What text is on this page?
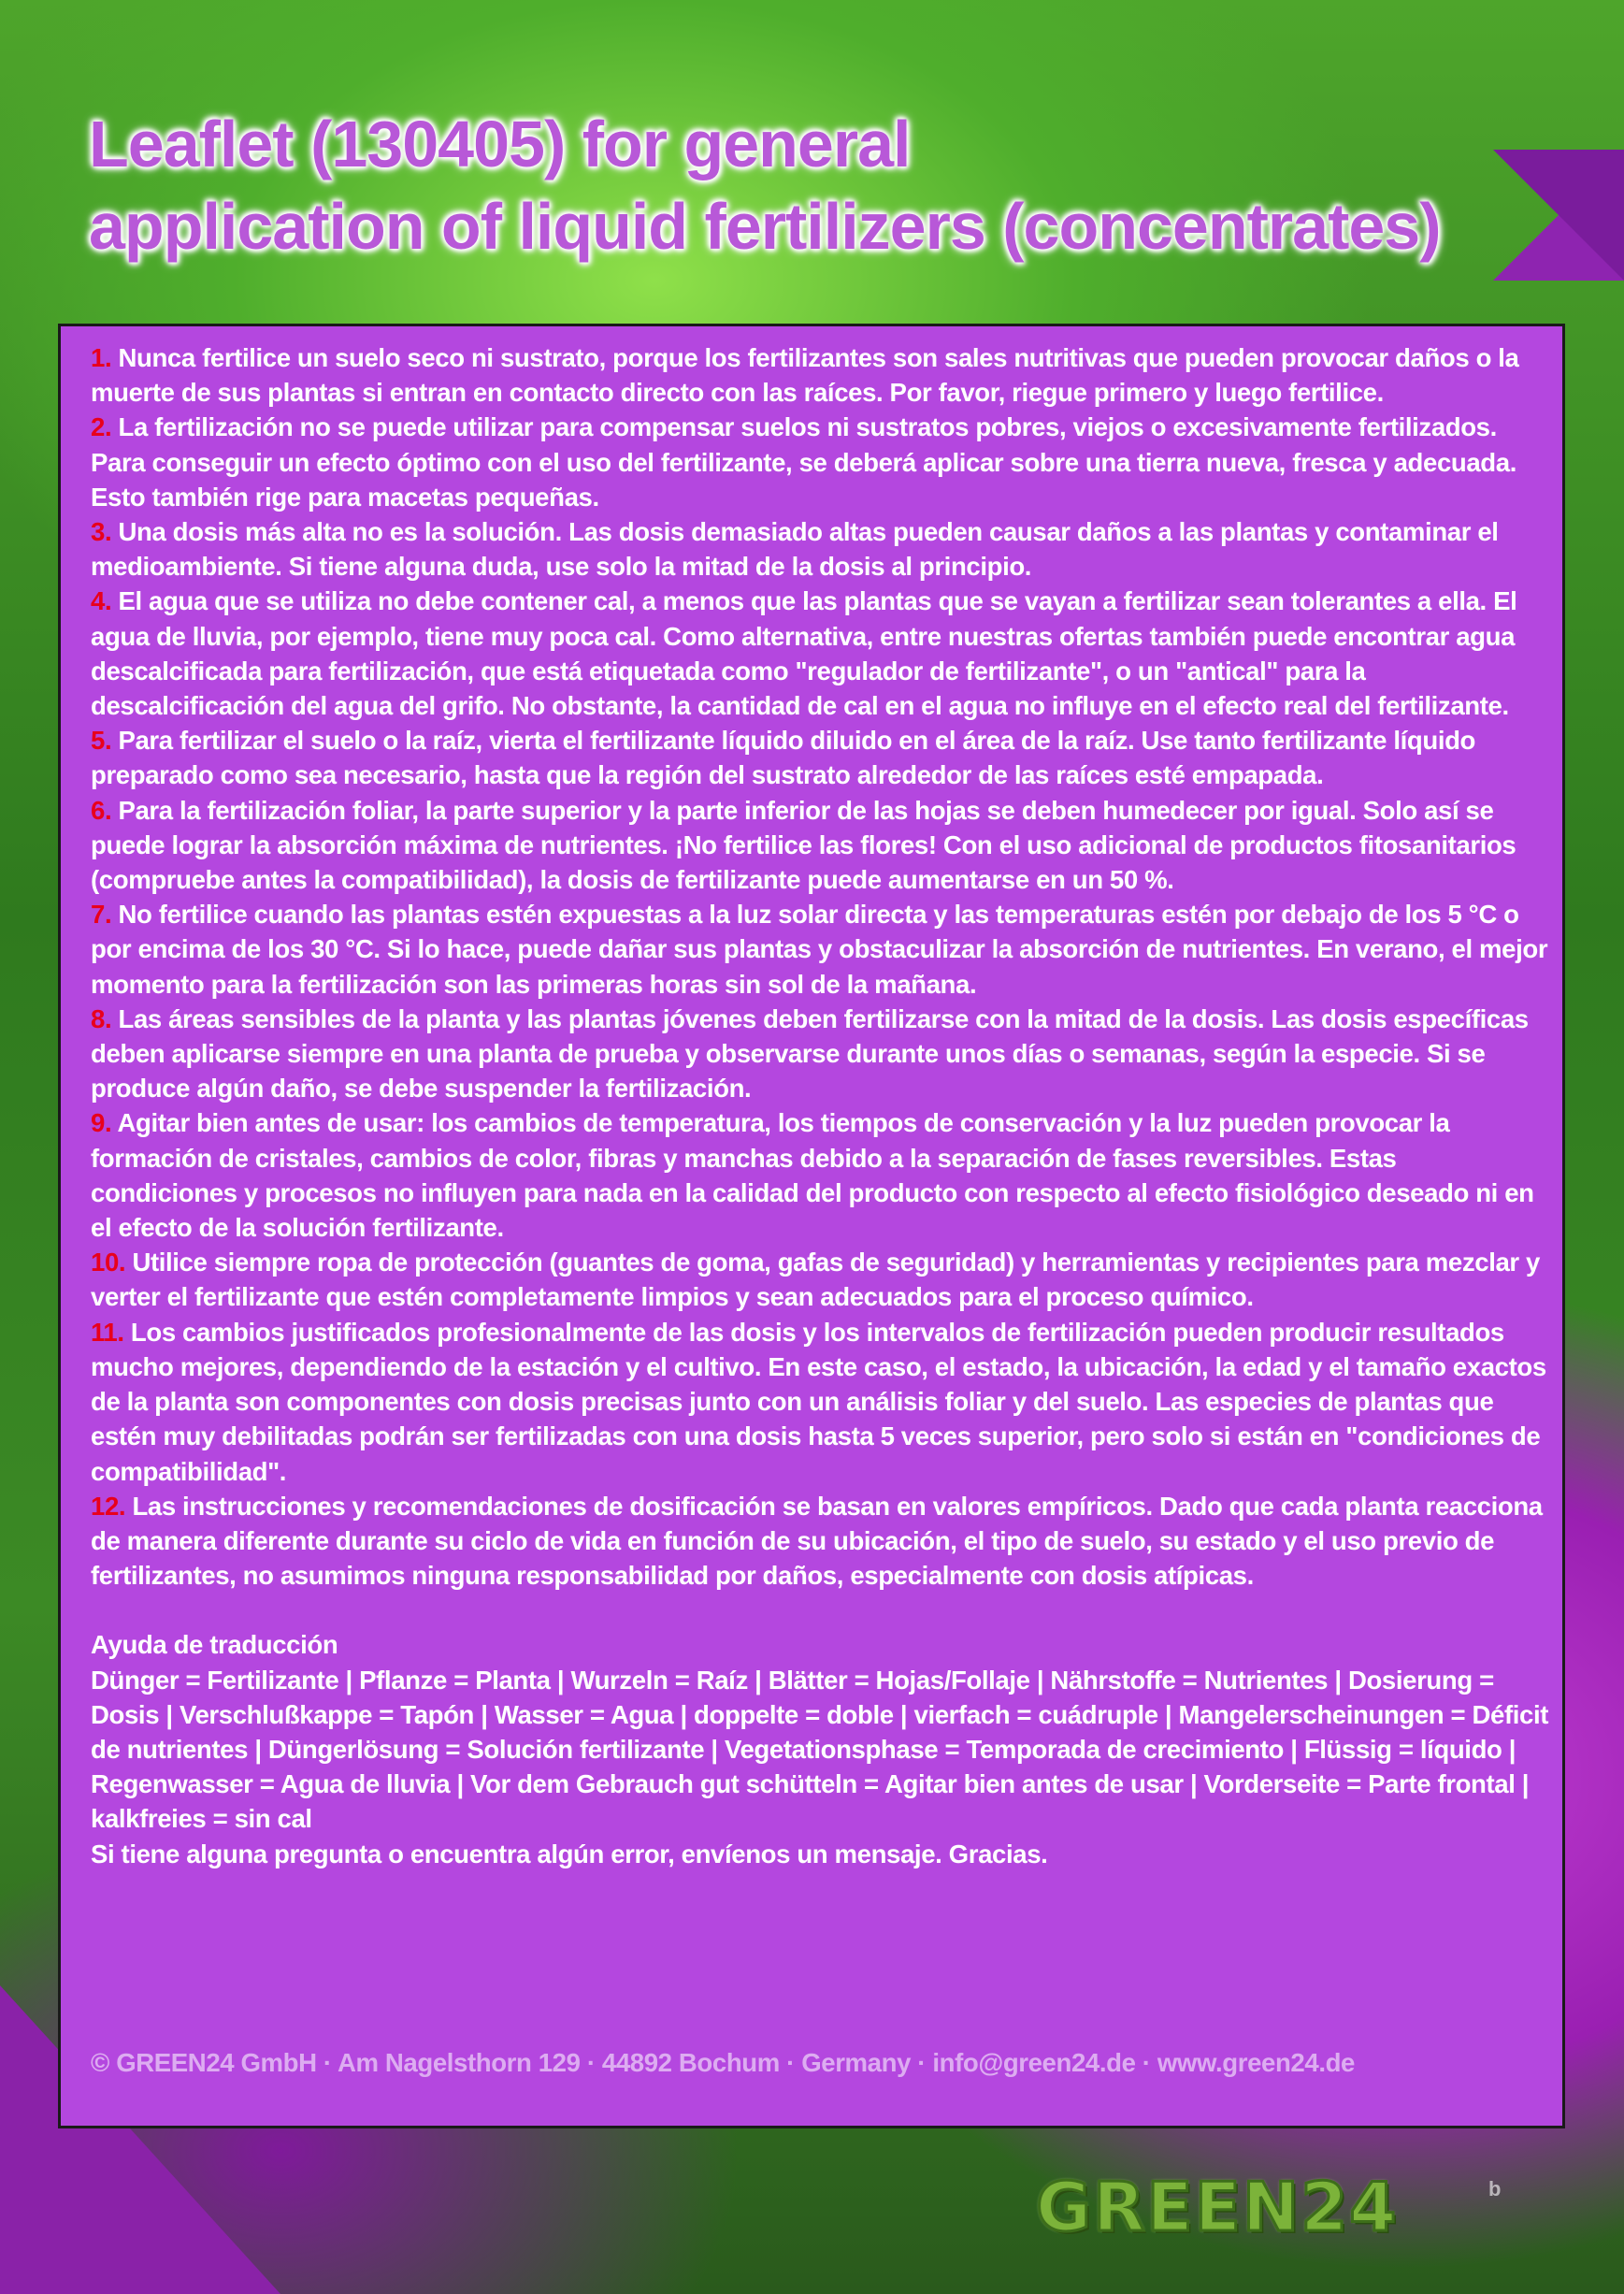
Leaflet (130405) for general
application of liquid fertilizers (concentrates)

1. Nunca fertilice un suelo seco ni sustrato, porque los fertilizantes son sales nutritivas que pueden provocar daños o la muerte de sus plantas si entran en contacto directo con las raíces. Por favor, riegue primero y luego fertilice.

2. La fertilización no se puede utilizar para compensar suelos ni sustratos pobres, viejos o excesivamente fertilizados. Para conseguir un efecto óptimo con el uso del fertilizante, se deberá aplicar sobre una tierra nueva, fresca y adecuada. Esto también rige para macetas pequeñas.

3. Una dosis más alta no es la solución. Las dosis demasiado altas pueden causar daños a las plantas y contaminar el medioambiente. Si tiene alguna duda, use solo la mitad de la dosis al principio.

4. El agua que se utiliza no debe contener cal, a menos que las plantas que se vayan a fertilizar sean tolerantes a ella. El agua de lluvia, por ejemplo, tiene muy poca cal. Como alternativa, entre nuestras ofertas también puede encontrar agua descalcificada para fertilización, que está etiquetada como "regulador de fertilizante", o un "antical" para la descalcificación del agua del grifo. No obstante, la cantidad de cal en el agua no influye en el efecto real del fertilizante.

5. Para fertilizar el suelo o la raíz, vierta el fertilizante líquido diluido en el área de la raíz. Use tanto fertilizante líquido preparado como sea necesario, hasta que la región del sustrato alrededor de las raíces esté empapada.

6. Para la fertilización foliar, la parte superior y la parte inferior de las hojas se deben humedecer por igual. Solo así se puede lograr la absorción máxima de nutrientes. ¡No fertilice las flores! Con el uso adicional de productos fitosanitarios (compruebe antes la compatibilidad), la dosis de fertilizante puede aumentarse en un 50 %.

7. No fertilice cuando las plantas estén expuestas a la luz solar directa y las temperaturas estén por debajo de los 5 °C o por encima de los 30 °C. Si lo hace, puede dañar sus plantas y obstaculizar la absorción de nutrientes. En verano, el mejor momento para la fertilización son las primeras horas sin sol de la mañana.

8. Las áreas sensibles de la planta y las plantas jóvenes deben fertilizarse con la mitad de la dosis. Las dosis específicas deben aplicarse siempre en una planta de prueba y observarse durante unos días o semanas, según la especie. Si se produce algún daño, se debe suspender la fertilización.

9. Agitar bien antes de usar: los cambios de temperatura, los tiempos de conservación y la luz pueden provocar la formación de cristales, cambios de color, fibras y manchas debido a la separación de fases reversibles. Estas condiciones y procesos no influyen para nada en la calidad del producto con respecto al efecto fisiológico deseado ni en el efecto de la solución fertilizante.

10. Utilice siempre ropa de protección (guantes de goma, gafas de seguridad) y herramientas y recipientes para mezclar y verter el fertilizante que estén completamente limpios y sean adecuados para el proceso químico.

11. Los cambios justificados profesionalmente de las dosis y los intervalos de fertilización pueden producir resultados mucho mejores, dependiendo de la estación y el cultivo. En este caso, el estado, la ubicación, la edad y el tamaño exactos de la planta son componentes con dosis precisas junto con un análisis foliar y del suelo. Las especies de plantas que estén muy debilitadas podrán ser fertilizadas con una dosis hasta 5 veces superior, pero solo si están en "condiciones de compatibilidad".

12. Las instrucciones y recomendaciones de dosificación se basan en valores empíricos. Dado que cada planta reacciona de manera diferente durante su ciclo de vida en función de su ubicación, el tipo de suelo, su estado y el uso previo de fertilizantes, no asumimos ninguna responsabilidad por daños, especialmente con dosis atípicas.

Ayuda de traducción

Dünger = Fertilizante | Pflanze = Planta | Wurzeln = Raíz | Blätter = Hojas/Follaje | Nährstoffe = Nutrientes | Dosierung = Dosis | Verschlußkappe = Tapón | Wasser = Agua | doppelte = doble | vierfach = cuádruple | Mangelerscheinungen = Déficit de nutrientes | Düngerlösung = Solución fertilizante | Vegetationsphase = Temporada de crecimiento | Flüssig = líquido | Regenwasser = Agua de lluvia | Vor dem Gebrauch gut schütteln = Agitar bien antes de usar | Vorderseite = Parte frontal | kalkfreies = sin cal

Si tiene alguna pregunta o encuentra algún error, envíenos un mensaje. Gracias.

© GREEN24 GmbH · Am Nagelsthorn 129 · 44892 Bochum · Germany · info@green24.de · www.green24.de
GREEN24	b
